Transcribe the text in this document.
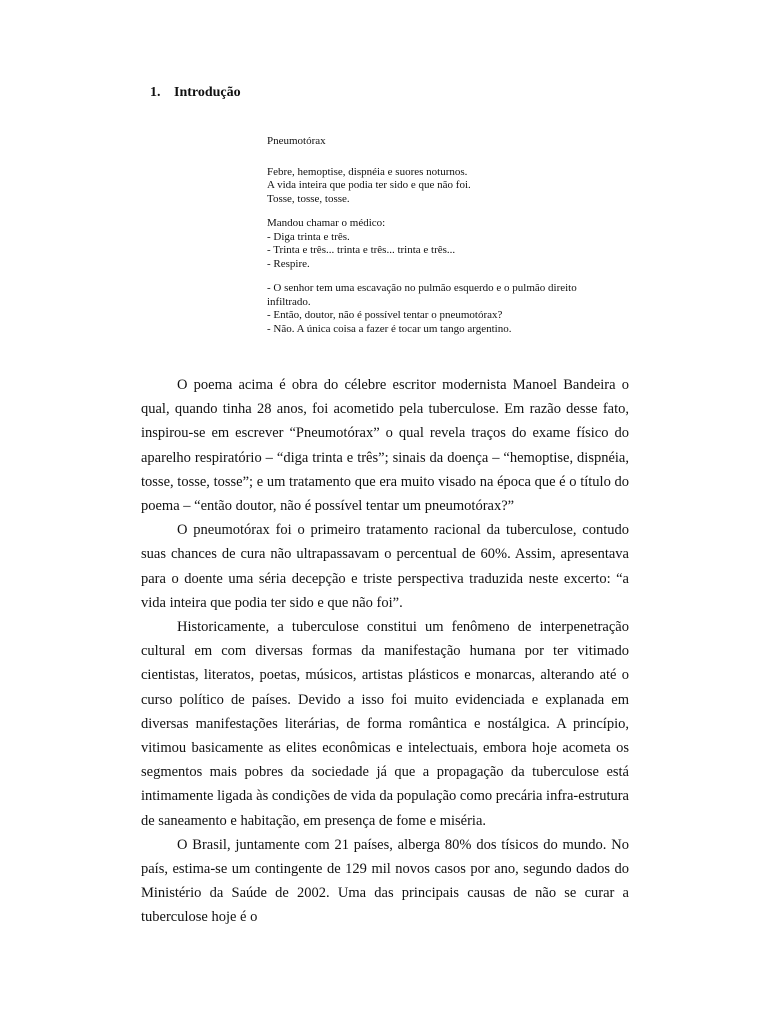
1. Introdução
Pneumotórax
Febre, hemoptise, dispnéia e suores noturnos.
A vida inteira que podia ter sido e que não foi.
Tosse, tosse, tosse.
Mandou chamar o médico:
- Diga trinta e três.
- Trinta e três... trinta e três... trinta e três...
- Respire.
- O senhor tem uma escavação no pulmão esquerdo e o pulmão direito infiltrado.
- Então, doutor, não é possível tentar o pneumotórax?
- Não. A única coisa a fazer é tocar um tango argentino.

O poema acima é obra do célebre escritor modernista Manoel Bandeira o qual, quando tinha 28 anos, foi acometido pela tuberculose. Em razão desse fato, inspirou-se em escrever “Pneumotórax” o qual revela traços do exame físico do aparelho respiratório – “diga trinta e três”; sinais da doença – “hemoptise, dispnéia, tosse, tosse, tosse”; e um tratamento que era muito visado na época que é o título do poema – “então doutor, não é possível tentar um pneumotórax?”

O pneumotórax foi o primeiro tratamento racional da tuberculose, contudo suas chances de cura não ultrapassavam o percentual de 60%. Assim, apresentava para o doente uma séria decepção e triste perspectiva traduzida neste excerto: “a vida inteira que podia ter sido e que não foi”.

Historicamente, a tuberculose constitui um fenômeno de interpenetração cultural em com diversas formas da manifestação humana por ter vitimado cientistas, literatos, poetas, músicos, artistas plásticos e monarcas, alterando até o curso político de países. Devido a isso foi muito evidenciada e explanada em diversas manifestações literárias, de forma romântica e nostálgica. A princípio, vitimou basicamente as elites econômicas e intelectuais, embora hoje acometa os segmentos mais pobres da sociedade já que a propagação da tuberculose está intimamente ligada às condições de vida da população como precária infra-estrutura de saneamento e habitação, em presença de fome e miséria.

O Brasil, juntamente com 21 países, alberga 80% dos tísicos do mundo. No país, estima-se um contingente de 129 mil novos casos por ano, segundo dados do Ministério da Saúde de 2002. Uma das principais causas de não se curar a tuberculose hoje é o
